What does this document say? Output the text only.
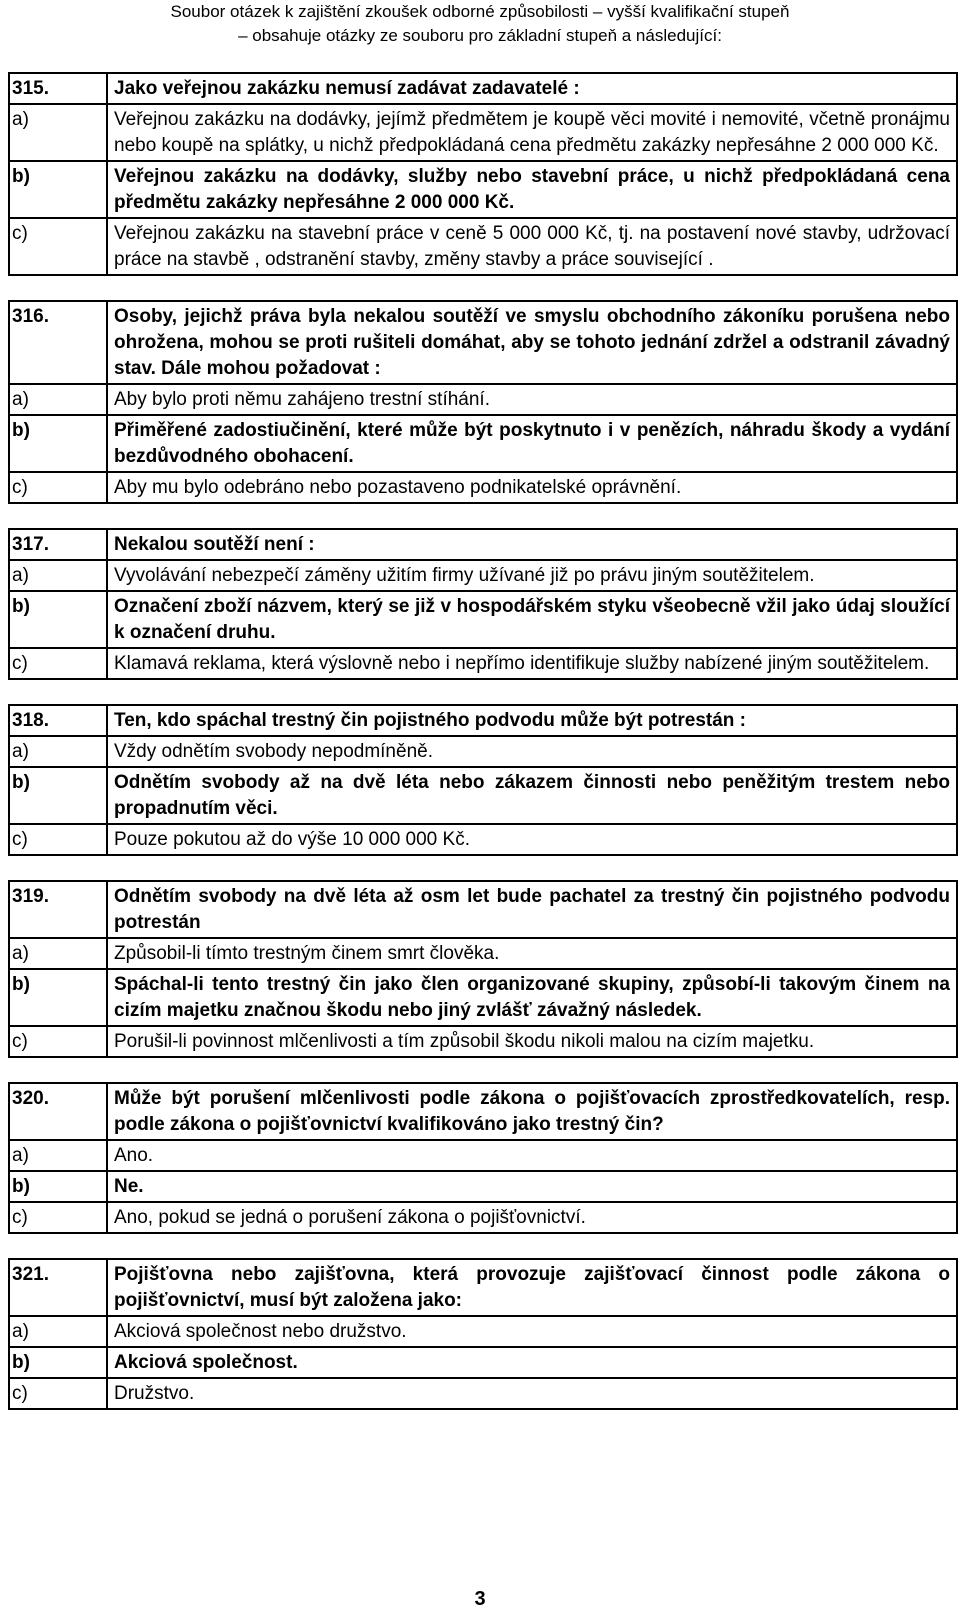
Soubor otázek k zajištění zkoušek odborné způsobilosti – vyšší kvalifikační stupeň
– obsahuje otázky ze souboru pro základní stupeň a následující:
315.	Jako veřejnou zakázku nemusí zadávat zadavatelé :
a)	Veřejnou zakázku na dodávky, jejímž předmětem je koupě věci movité i nemovité, včetně pronájmu nebo koupě na splátky, u nichž předpokládaná cena předmětu zakázky nepřesáhne 2 000 000 Kč.
b)	Veřejnou zakázku na dodávky, služby nebo stavební práce, u nichž předpokládaná cena předmětu zakázky nepřesáhne 2 000 000 Kč.
c)	Veřejnou zakázku na stavební práce v ceně 5 000 000 Kč, tj. na postavení nové stavby, udržovací práce na stavbě , odstranění stavby, změny stavby a práce související .
316.	Osoby, jejichž práva byla nekalou soutěží ve smyslu obchodního zákoníku porušena nebo ohrožena, mohou se proti rušiteli domáhat, aby se tohoto jednání zdržel a odstranil závadný stav. Dále mohou požadovat :
a)	Aby bylo proti němu zahájeno trestní stíhání.
b)	Přiměřené zadostiučinění, které může být poskytnuto i v penězích, náhradu škody a vydání bezdůvodného obohacení.
c)	Aby mu bylo odebráno nebo pozastaveno podnikatelské oprávnění.
317.	Nekalou soutěží není :
a)	Vyvolávání nebezpečí záměny užitím firmy užívané již po právu jiným soutěžitelem.
b)	Označení zboží názvem, který se již v hospodářském styku všeobecně vžil jako údaj sloužící k označení druhu.
c)	Klamavá reklama, která výslovně nebo i nepřímo identifikuje služby nabízené jiným soutěžitelem.
318.	Ten, kdo spáchal trestný čin pojistného podvodu může být potrestán :
a)	Vždy odnětím svobody nepodmíněně.
b)	Odnětím svobody až na dvě léta nebo zákazem činnosti nebo peněžitým trestem nebo propadnutím věci.
c)	Pouze pokutou až do výše 10 000 000 Kč.
319.	Odnětím svobody na dvě léta až osm let bude pachatel za trestný čin pojistného podvodu potrestán
a)	Způsobil-li tímto trestným činem smrt člověka.
b)	Spáchal-li tento trestný čin jako člen organizované skupiny, způsobí-li takovým činem na cizím majetku značnou škodu nebo jiný zvlášť závažný následek.
c)	Porušil-li povinnost mlčenlivosti a tím způsobil škodu nikoli malou na cizím majetku.
320.	Může být porušení mlčenlivosti podle zákona o pojišťovacích zprostředkovatelích, resp. podle zákona o pojišťovnictví kvalifikováno jako trestný čin?
a)	Ano.
b)	Ne.
c)	Ano, pokud se jedná o porušení zákona o pojišťovnictví.
321.	Pojišťovna nebo zajišťovna, která provozuje zajišťovací činnost podle zákona o pojišťovnictví, musí být založena jako:
a)	Akciová společnost nebo družstvo.
b)	Akciová společnost.
c)	Družstvo.
3
